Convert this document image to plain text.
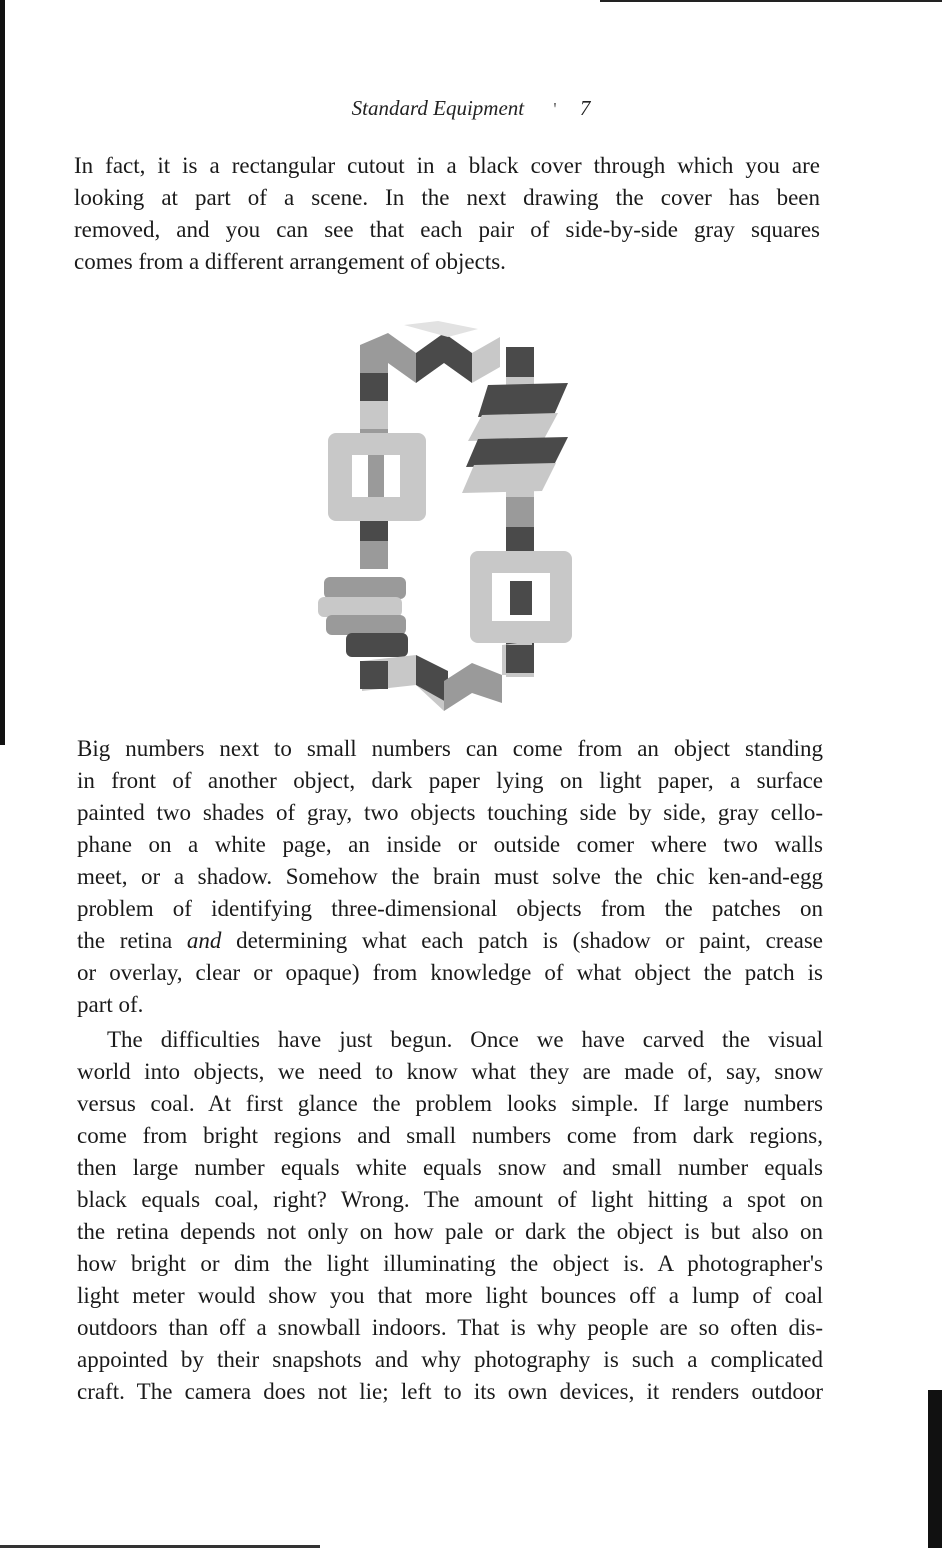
Standard Equipment ' 7

In fact, it is a rectangular cutout in a black cover through which you are
looking at part of a scene. In the next drawing the cover has been
removed, and you can see that each pair of side-by-side gray squares
comes from a different arrangement of objects.

Big numbers next to small numbers can come from an object standing
in front of another object, dark paper lying on light paper, a surface
painted two shades of gray, two objects touching side by side, gray cello-
phane on a white page, an inside or outside comer where two walls
meet, or a shadow. Somehow the brain must solve the chic ken-and-egg
problem of identifying three-dimensional objects from the patches on
the retina and determining what each patch is (shadow or paint, crease
or overlay, clear or opaque) from knowledge of what object the patch is
part of.

The difficulties have just begun. Once we have carved the visual
world into objects, we need to know what they are made of, say, snow
versus coal. At first glance the problem looks simple. If large numbers
come from bright regions and small numbers come from dark regions,
then large number equals white equals snow and small number equals
black equals coal, right? Wrong. The amount of light hitting a spot on
the retina depends not only on how pale or dark the object is but also on
how bright or dim the light illuminating the object is. A photographer's
light meter would show you that more light bounces off a lump of coal
outdoors than off a snowball indoors. That is why people are so often dis-
appointed by their snapshots and why photography is such a complicated
craft. The camera does not lie; left to its own devices, it renders outdoor
